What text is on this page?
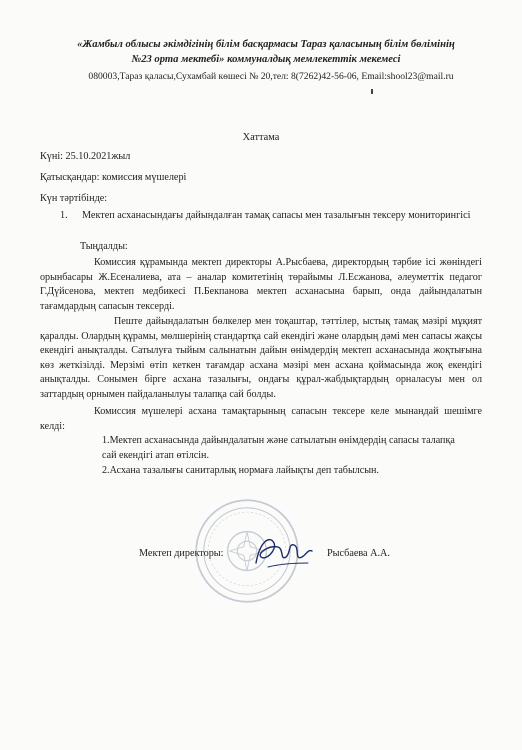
«Жамбыл облысы әкімдігінің білім басқармасы Тараз қаласының білім бөлімінің
№23 орта мектебі» коммуналдық мемлекеттік мекемесі
080003,Тараз қаласы,Сухамбай көшесі № 20,тел: 8(7262)42-56-06, Email:shool23@mail.ru
Хаттама
Күні: 25.10.2021жыл
Қатысқандар: комиссия мүшелері
Күн тәртібінде:
1. Мектеп асханасындағы дайындалған тамақ сапасы мен тазалығын тексеру мониторингісі
Тыңдалды:
Комиссия құрамында мектеп директоры А.Рысбаева, директордың тәрбие ісі жөніндегі орынбасары Ж.Есеналиева, ата – аналар комитетінің төрайымы Л.Есжанова, әлеуметтік педагог Г.Дүйсенова, мектеп медбикесі П.Бекпанова мектеп асханасына барып, онда дайындалатын тағамдардың сапасын тексерді.
Пеште дайындалатын бөлкелер мен тоқаштар, тәттілер, ыстық тамақ мәзірі мұқият қаралды. Олардың құрамы, мөлшерінің стандартқа сай екендігі және олардың дәмі мен сапасы жақсы екендігі анықталды. Сатылуға тыйым салынатын дайын өнімдердің мектеп асханасында жоқтығына көз жеткізілді. Мерзімі өтіп кеткен тағамдар асхана мәзірі мен асхана қоймасында жоқ екендігі анықталды. Сонымен бірге асхана тазалығы, ондағы құрал-жабдықтардың орналасуы мен ол заттардың орнымен пайдаланылуы талапқа сай болды.
Комиссия мүшелері асхана тамақтарының сапасын тексере келе мынандай шешімге келді:
1.Мектеп асханасында дайындалатын және сатылатын өнімдердің сапасы талапқа сай екендігі атап өтілсін.
2.Асхана тазалығы санитарлық нормаға лайықты деп табылсын.
Мектеп директоры:	Рысбаева А.А.
